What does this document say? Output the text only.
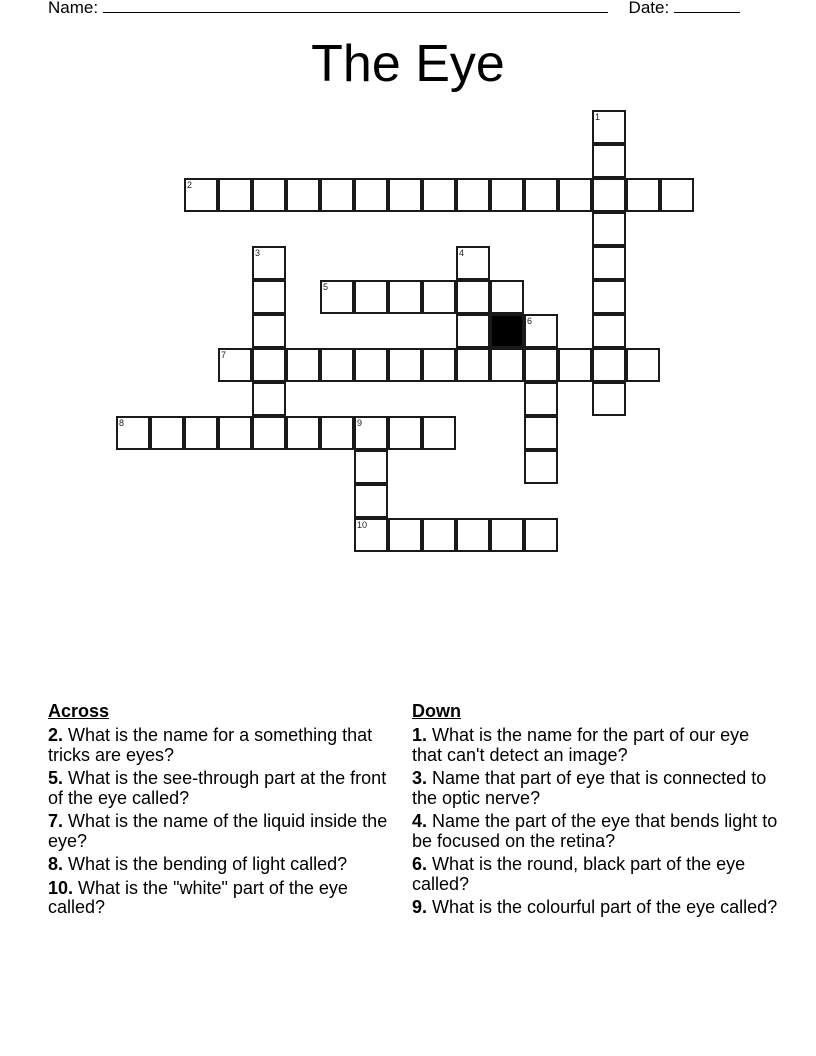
Name:	Date:
The Eye
1
2
3	4
5
6
7
8	9
10
Across
2. What is the name for a something that tricks are eyes?
5. What is the see-through part at the front of the eye called?
7. What is the name of the liquid inside the eye?
8. What is the bending of light called?
10. What is the "white" part of the eye called?
Down
1. What is the name for the part of our eye that can't detect an image?
3. Name that part of eye that is connected to the optic nerve?
4. Name the part of the eye that bends light to be focused on the retina?
6. What is the round, black part of the eye called?
9. What is the colourful part of the eye called?
